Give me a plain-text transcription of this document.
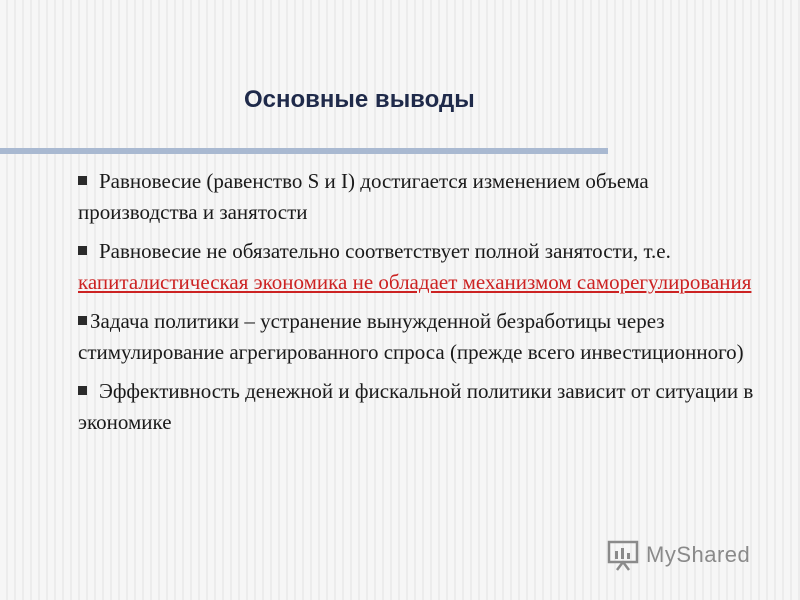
Основные выводы
Равновесие (равенство S и I) достигается изменением объема производства и занятости
Равновесие не обязательно соответствует полной занятости, т.е. капиталистическая экономика не обладает механизмом саморегулирования
Задача политики – устранение вынужденной безработицы через стимулирование агрегированного спроса (прежде всего инвестиционного)
Эффективность денежной и фискальной политики зависит от ситуации в экономике
MyShared
